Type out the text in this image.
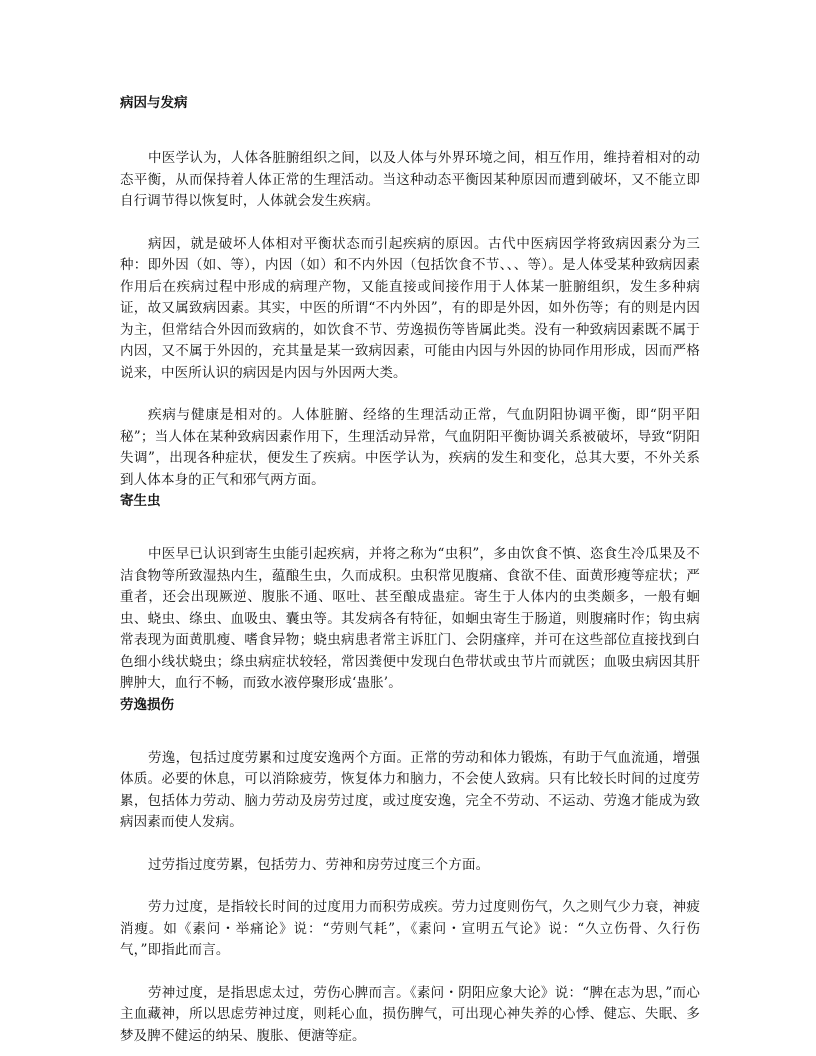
病因与发病

中医学认为，人体各脏腑组织之间，以及人体与外界环境之间，相互作用，维持着相对的动态平衡，从而保持着人体正常的生理活动。当这种动态平衡因某种原因而遭到破坏，又不能立即自行调节得以恢复时，人体就会发生疾病。

病因，就是破坏人体相对平衡状态而引起疾病的原因。古代中医病因学将致病因素分为三种：即外因（如、等），内因（如）和不内外因（包括饮食不节、、、等）。是人体受某种致病因素作用后在疾病过程中形成的病理产物，又能直接或间接作用于人体某一脏腑组织，发生多种病证，故又属致病因素。其实，中医的所谓“不内外因”，有的即是外因，如外伤等；有的则是内因为主，但常结合外因而致病的，如饮食不节、劳逸损伤等皆属此类。没有一种致病因素既不属于内因，又不属于外因的，充其量是某一致病因素，可能由内因与外因的协同作用形成，因而严格说来，中医所认识的病因是内因与外因两大类。

疾病与健康是相对的。人体脏腑、经络的生理活动正常，气血阴阳协调平衡，即“阴平阳秘”；当人体在某种致病因素作用下，生理活动异常，气血阴阳平衡协调关系被破坏，导致“阴阳失调”，出现各种症状，便发生了疾病。中医学认为，疾病的发生和变化，总其大要，不外关系到人体本身的正气和邪气两方面。

寄生虫

中医早已认识到寄生虫能引起疾病，并将之称为“虫积”，多由饮食不慎、恣食生冷瓜果及不洁食物等所致湿热内生，蕴酿生虫，久而成积。虫积常见腹痛、食欲不佳、面黄形瘦等症状；严重者，还会出现厥逆、腹胀不通、呕吐、甚至酿成蛊症。寄生于人体内的虫类颇多，一般有蛔虫、蛲虫、绦虫、血吸虫、囊虫等。其发病各有特征，如蛔虫寄生于肠道，则腹痛时作；钩虫病常表现为面黄肌瘦、嗜食异物；蛲虫病患者常主诉肛门、会阴瘙痒，并可在这些部位直接找到白色细小线状蛲虫；绦虫病症状较轻，常因粪便中发现白色带状或虫节片而就医；血吸虫病因其肝脾肿大，血行不畅，而致水液停聚形成‘蛊胀’。

劳逸损伤

劳逸，包括过度劳累和过度安逸两个方面。正常的劳动和体力锻炼，有助于气血流通，增强体质。必要的休息，可以消除疲劳，恢复体力和脑力，不会使人致病。只有比较长时间的过度劳累，包括体力劳动、脑力劳动及房劳过度，或过度安逸，完全不劳动、不运动、劳逸才能成为致病因素而使人发病。

过劳指过度劳累，包括劳力、劳神和房劳过度三个方面。

劳力过度，是指较长时间的过度用力而积劳成疾。劳力过度则伤气，久之则气少力衰，神疲消瘦。如《素问・举痛论》说：“劳则气耗”，《素问・宣明五气论》说：“久立伤骨、久行伤气，”即指此而言。

劳神过度，是指思虑太过，劳伤心脾而言。《素问・阴阳应象大论》说：“脾在志为思，”而心主血藏神，所以思虑劳神过度，则耗心血，损伤脾气，可出现心神失养的心悸、健忘、失眠、多梦及脾不健运的纳呆、腹胀、便溏等症。
